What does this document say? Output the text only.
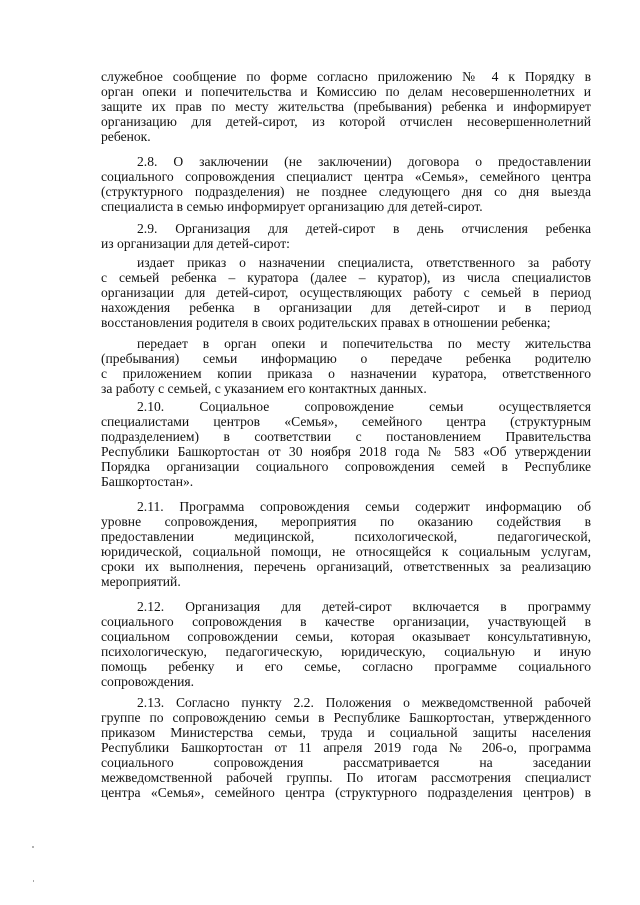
служебное сообщение по форме согласно приложению № 4 к Порядку в
орган опеки и попечительства и Комиссию по делам несовершеннолетних и
защите их прав по месту жительства (пребывания) ребенка и информирует
организацию для детей-сирот, из которой отчислен несовершеннолетний
ребенок.
2.8. О заключении (не заключении) договора о предоставлении
социального сопровождения специалист центра «Семья», семейного центра
(структурного подразделения) не позднее следующего дня со дня выезда
специалиста в семью информирует организацию для детей-сирот.
2.9. Организация для детей-сирот в день отчисления ребенка
из организации для детей-сирот:
издает приказ о назначении специалиста, ответственного за работу
с семьей ребенка – куратора (далее – куратор), из числа специалистов
организации для детей-сирот, осуществляющих работу с семьей в период
нахождения ребенка в организации для детей-сирот и в период
восстановления родителя в своих родительских правах в отношении ребенка;
передает в орган опеки и попечительства по месту жительства
(пребывания) семьи информацию о передаче ребенка родителю
с приложением копии приказа о назначении куратора, ответственного
за работу с семьей, с указанием его контактных данных.
2.10. Социальное сопровождение семьи осуществляется
специалистами центров «Семья», семейного центра (структурным
подразделением) в соответствии с постановлением Правительства
Республики Башкортостан от 30 ноября 2018 года № 583 «Об утверждении
Порядка организации социального сопровождения семей в Республике
Башкортостан».
2.11. Программа сопровождения семьи содержит информацию об
уровне сопровождения, мероприятия по оказанию содействия в
предоставлении медицинской, психологической, педагогической,
юридической, социальной помощи, не относящейся к социальным услугам,
сроки их выполнения, перечень организаций, ответственных за реализацию
мероприятий.
2.12. Организация для детей-сирот включается в программу
социального сопровождения в качестве организации, участвующей в
социальном сопровождении семьи, которая оказывает консультативную,
психологическую, педагогическую, юридическую, социальную и иную
помощь ребенку и его семье, согласно программе социального
сопровождения.
2.13. Согласно пункту 2.2. Положения о межведомственной рабочей
группе по сопровождению семьи в Республике Башкортостан, утвержденного
приказом Министерства семьи, труда и социальной защиты населения
Республики Башкортостан от 11 апреля 2019 года № 206-о, программа
социального сопровождения рассматривается на заседании
межведомственной рабочей группы. По итогам рассмотрения специалист
центра «Семья», семейного центра (структурного подразделения центров) в
